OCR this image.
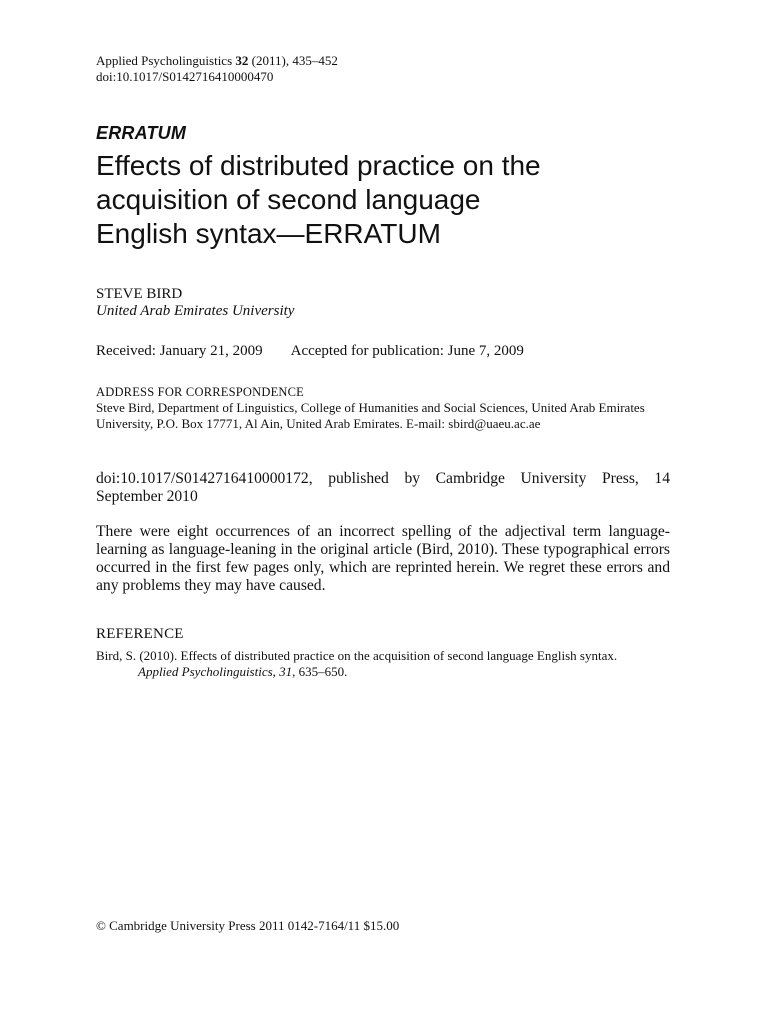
Applied Psycholinguistics 32 (2011), 435–452
doi:10.1017/S0142716410000470
ERRATUM
Effects of distributed practice on the
acquisition of second language
English syntax—ERRATUM
STEVE BIRD
United Arab Emirates University
Received: January 21, 2009 Accepted for publication: June 7, 2009
ADDRESS FOR CORRESPONDENCE
Steve Bird, Department of Linguistics, College of Humanities and Social Sciences, United Arab Emirates University, P.O. Box 17771, Al Ain, United Arab Emirates. E-mail: sbird@uaeu.ac.ae
doi:10.1017/S0142716410000172, published by Cambridge University Press, 14 September 2010
There were eight occurrences of an incorrect spelling of the adjectival term language-learning as language-leaning in the original article (Bird, 2010). These typographical errors occurred in the first few pages only, which are reprinted herein. We regret these errors and any problems they may have caused.
REFERENCE
Bird, S. (2010). Effects of distributed practice on the acquisition of second language English syntax.
Applied Psycholinguistics, 31, 635–650.
© Cambridge University Press 2011 0142-7164/11 $15.00
